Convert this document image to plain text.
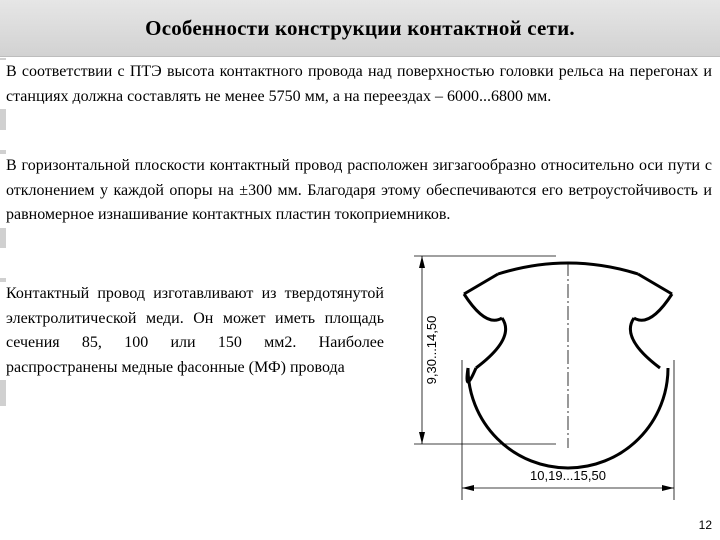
Особенности конструкции контактной сети.
В соответствии с ПТЭ высота контактного провода над поверхностью головки рельса на перегонах и станциях должна составлять не менее 5750 мм, а на переездах – 6000...6800 мм.
В горизонтальной плоскости контактный провод расположен зигзагообразно относительно оси пути с отклонением у каждой опоры на ±300 мм. Благодаря этому обеспечиваются его ветроустойчивость и равномерное изнашивание контактных пластин токоприемников.
Контактный провод изготавливают из твердотянутой электролитической меди. Он может иметь площадь сечения 85, 100 или 150 мм2. Наиболее распространены медные фасонные (МФ) провода	9,30...14,50
10,19...15,50
12
